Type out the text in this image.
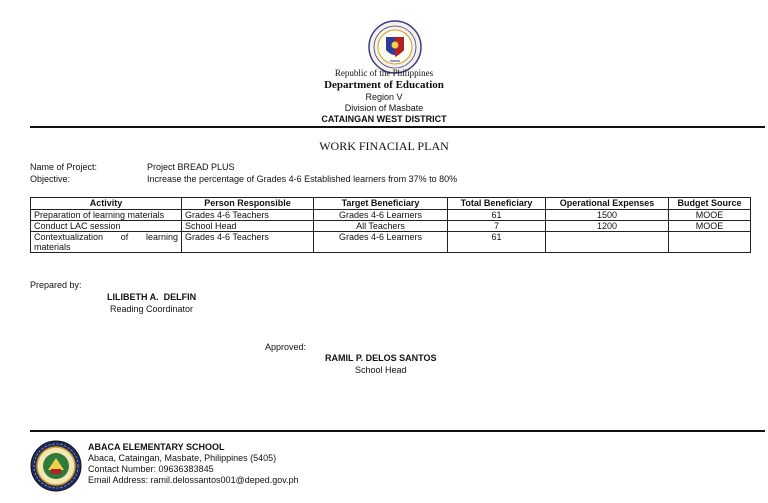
Republic of the Philippines
Department of Education
Region V
Division of Masbate
CATAINGAN WEST DISTRICT
WORK FINACIAL PLAN
Name of Project:	Project BREAD PLUS
Objective:	Increase the percentage of Grades 4-6 Established learners from 37% to 80%
Activity	Person Responsible	Target Beneficiary	Total Beneficiary	Operational Expenses	Budget Source
Preparation of learning materials	Grades 4-6 Teachers	Grades 4-6 Learners	61	1500	MOOE
Conduct LAC session	School Head	All Teachers	7	1200	MOOE
Contextualization of learning materials	Grades 4-6 Teachers	Grades 4-6 Learners	61		
Prepared by:
LILIBETH A.  DELFIN
Reading Coordinator
Approved:
RAMIL P. DELOS SANTOS
School Head
ABACA ELEMENTARY SCHOOL
Abaca, Cataingan, Masbate, Philippines (5405)
Contact Number: 09636383845
Email Address: ramil.delossantos001@deped.gov.ph
